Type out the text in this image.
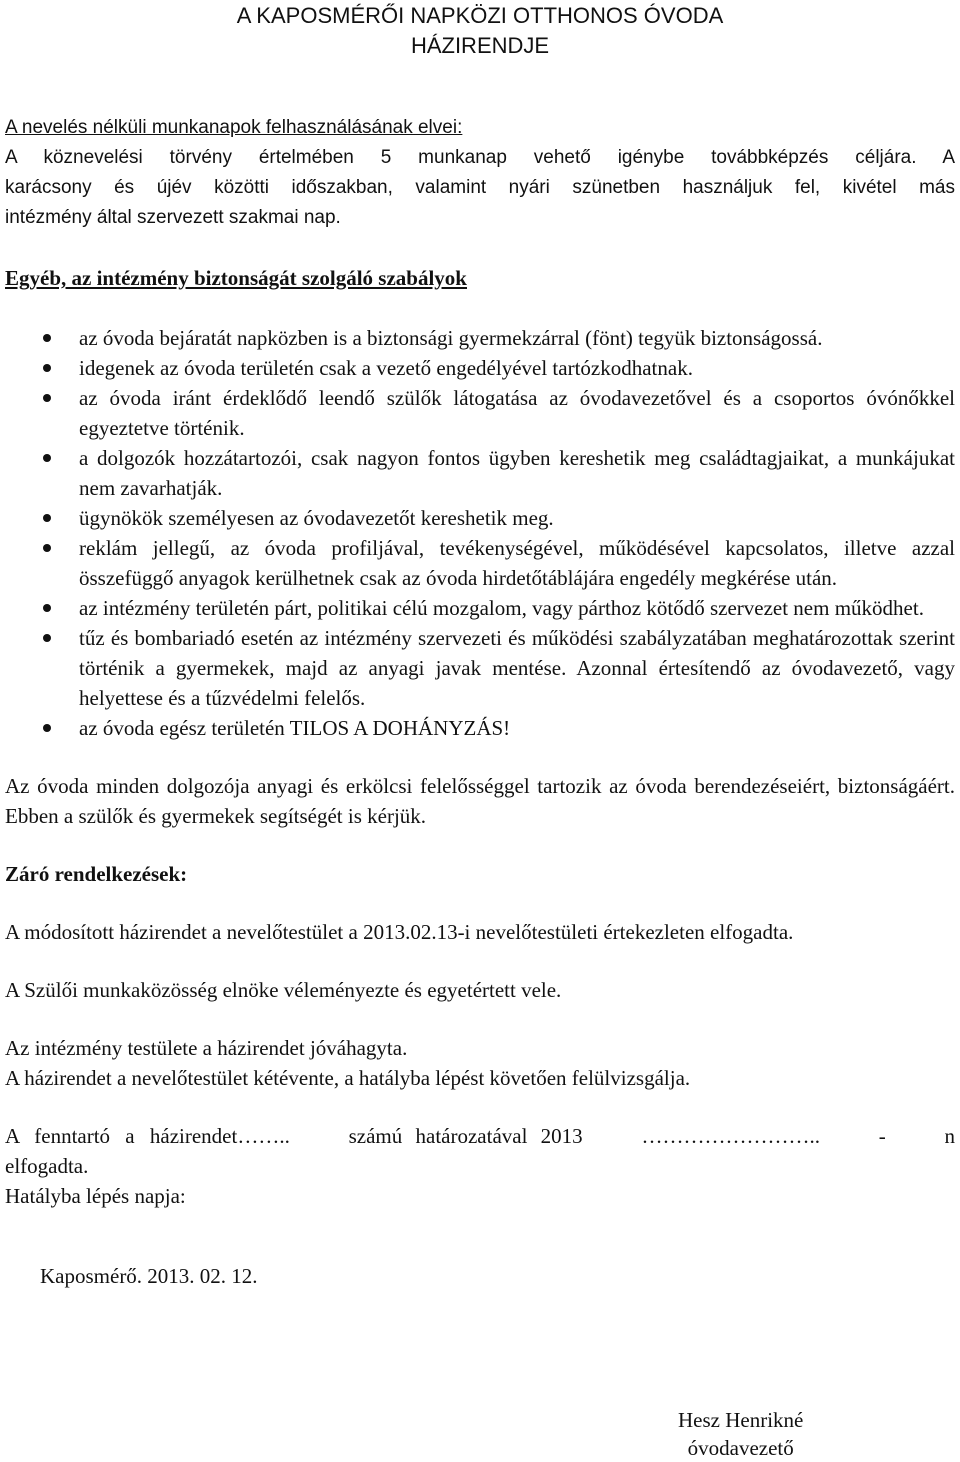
A KAPOSMÉRŐI NAPKÖZI OTTHONOS ÓVODA
HÁZIRENDJE
A nevelés nélküli munkanapok felhasználásának elvei:
A köznevelési törvény értelmében 5 munkanap vehető igénybe továbbképzés céljára. A
karácsony és újév közötti időszakban, valamint nyári szünetben használjuk fel, kivétel más
intézmény által szervezett szakmai nap.
Egyéb, az intézmény biztonságát szolgáló szabályok
az óvoda bejáratát napközben is a biztonsági gyermekzárral (fönt) tegyük biztonságossá.
idegenek az óvoda területén csak a vezető engedélyével tartózkodhatnak.
az óvoda iránt érdeklődő leendő szülők látogatása az óvodavezetővel és a csoportos óvónőkkel egyeztetve történik.
a dolgozók hozzátartozói, csak nagyon fontos ügyben kereshetik meg családtagjaikat, a munkájukat nem zavarhatják.
ügynökök személyesen az óvodavezetőt kereshetik meg.
reklám jellegű, az óvoda profiljával, tevékenységével, működésével kapcsolatos, illetve azzal összefüggő anyagok kerülhetnek csak az óvoda hirdetőtáblájára engedély megkérése után.
az intézmény területén párt, politikai célú mozgalom, vagy párthoz kötődő szervezet nem működhet.
tűz és bombariadó esetén az intézmény szervezeti és működési szabályzatában meghatározottak szerint történik a gyermekek, majd az anyagi javak mentése. Azonnal értesítendő az óvodavezető, vagy helyettese és a tűzvédelmi felelős.
az óvoda egész területén TILOS A DOHÁNYZÁS!
Az óvoda minden dolgozója anyagi és erkölcsi felelősséggel tartozik az óvoda berendezéseiért, biztonságáért. Ebben a szülők és gyermekek segítségét is kérjük.
Záró rendelkezések:
A módosított házirendet a nevelőtestület a 2013.02.13-i nevelőtestületi értekezleten elfogadta.
A Szülői munkaközösség elnöke véleményezte és egyetértett vele.
Az intézmény testülete a házirendet jóváhagyta.
A házirendet a nevelőtestület kétévente, a hatályba lépést követően felülvizsgálja.
A fenntartó a házirendet……..	számú határozatával 2013	……………………..	-	n
elfogadta.
Hatályba lépés napja:
Kaposmérő. 2013. 02. 12.
Hesz Henrikné
óvodavezető
